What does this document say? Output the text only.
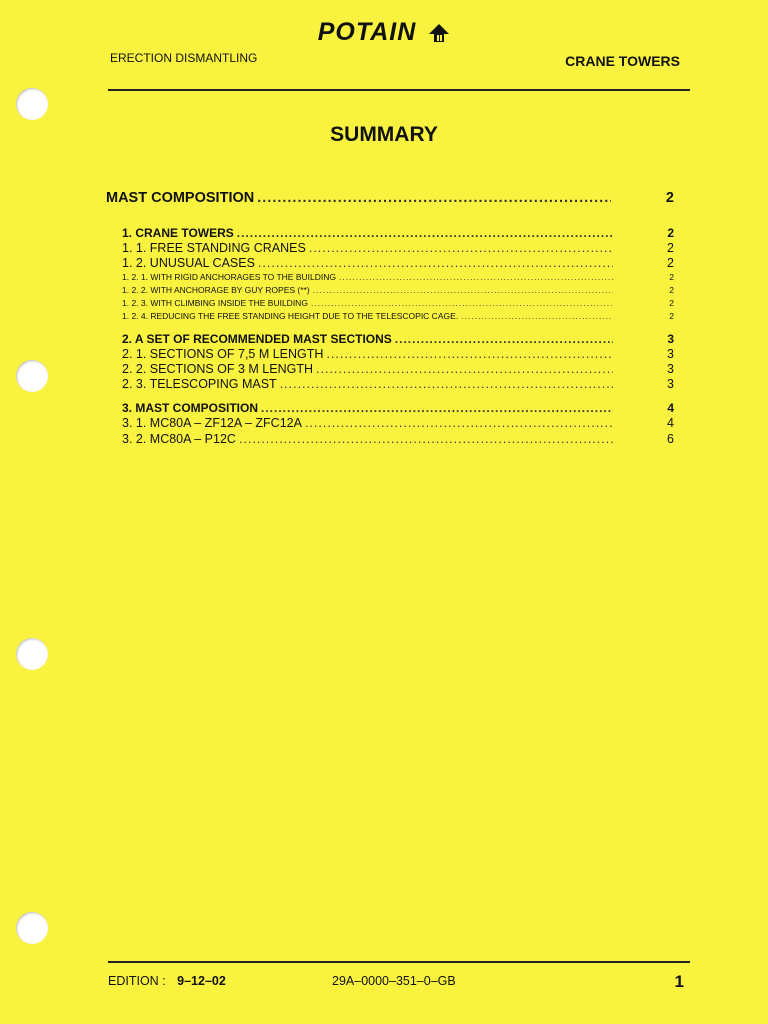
POTAIN
ERECTION DISMANTLING	CRANE TOWERS
SUMMARY
MAST COMPOSITION .....	2
1. CRANE TOWERS .....	2
1. 1. FREE STANDING CRANES .....	2
1. 2. UNUSUAL CASES .....	2
1. 2. 1. WITH RIGID ANCHORAGES TO THE BUILDING .....	2
1. 2. 2. WITH ANCHORAGE BY GUY ROPES (**) .....	2
1. 2. 3. WITH CLIMBING INSIDE THE BUILDING .....	2
1. 2. 4. REDUCING THE FREE STANDING HEIGHT DUE TO THE TELESCOPIC CAGE. .....	2
2. A SET OF RECOMMENDED MAST SECTIONS .....	3
2. 1. SECTIONS OF 7,5 M LENGTH .....	3
2. 2. SECTIONS OF 3 M LENGTH .....	3
2. 3. TELESCOPING MAST .....	3
3. MAST COMPOSITION .....	4
3. 1. MC80A – ZF12A – ZFC12A .....	4
3. 2. MC80A – P12C .....	6
EDITION : 9–12–02	29A–0000–351–0–GB	1
